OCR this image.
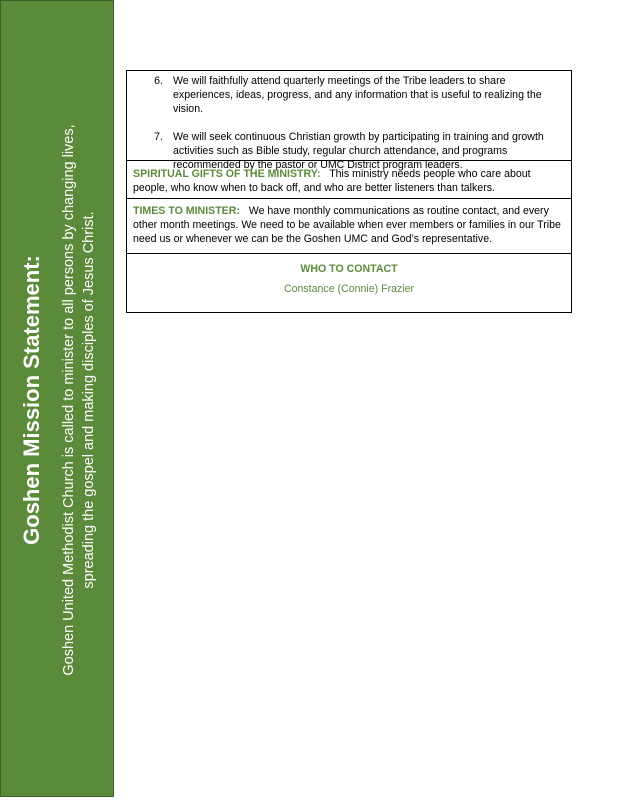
Goshen Mission Statement: Goshen United Methodist Church is called to minister to all persons by changing lives, spreading the gospel and making disciples of Jesus Christ.

6. We will faithfully attend quarterly meetings of the Tribe leaders to share experiences, ideas, progress, and any information that is useful to realizing the vision.
7. We will seek continuous Christian growth by participating in training and growth activities such as Bible study, regular church attendance, and programs recommended by the pastor or UMC District program leaders.
SPIRITUAL GIFTS OF THE MINISTRY: This ministry needs people who care about people, who know when to back off, and who are better listeners than talkers.
TIMES TO MINISTER: We have monthly communications as routine contact, and every other month meetings. We need to be available when ever members or families in our Tribe need us or whenever we can be the Goshen UMC and God’s representative.

WHO TO CONTACT

Constance (Connie) Frazier
